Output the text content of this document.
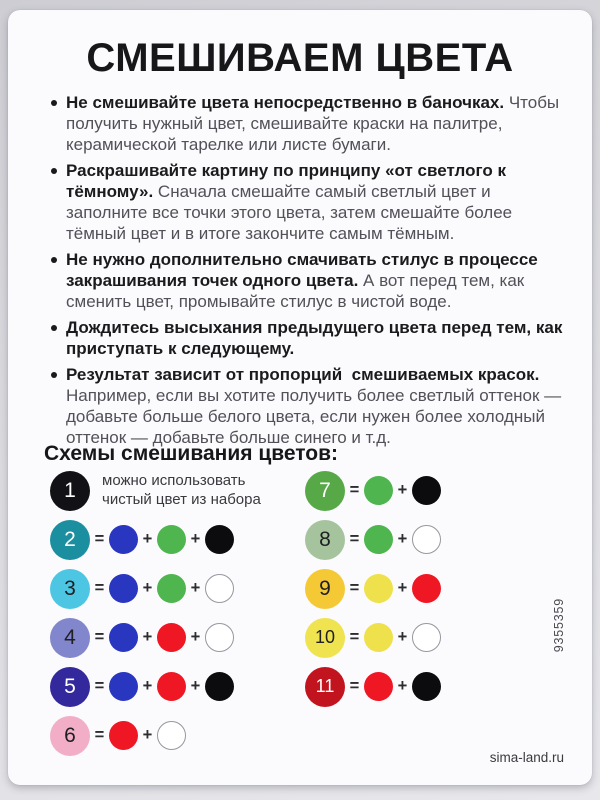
СМЕШИВАЕМ ЦВЕТА
Не смешивайте цвета непосредственно в баночках. Чтобы получить нужный цвет, смешивайте краски на палитре, керамической тарелке или листе бумаги.
Раскрашивайте картину по принципу «от светлого к тёмному». Сначала смешайте самый светлый цвет и заполните все точки этого цвета, затем смешайте более тёмный цвет и в итоге закончите самым тёмным.
Не нужно дополнительно смачивать стилус в процессе закрашивания точек одного цвета. А вот перед тем, как сменить цвет, промывайте стилус в чистой воде.
Дождитесь высыхания предыдущего цвета перед тем, как приступать к следующему.
Результат зависит от пропорций  смешиваемых красок. Например, если вы хотите получить более светлый оттенок — добавьте больше белого цвета, если нужен более холодный оттенок — добавьте больше синего и т.д.
Схемы смешивания цветов:
1	можно использовать чистый цвет из набора
2	= + +
3	= + +
4	= + +
5	= + +
6	= +
7	= +
8	= +
9	= +
10 = +
11 = +
9355359
sima-land.ru
